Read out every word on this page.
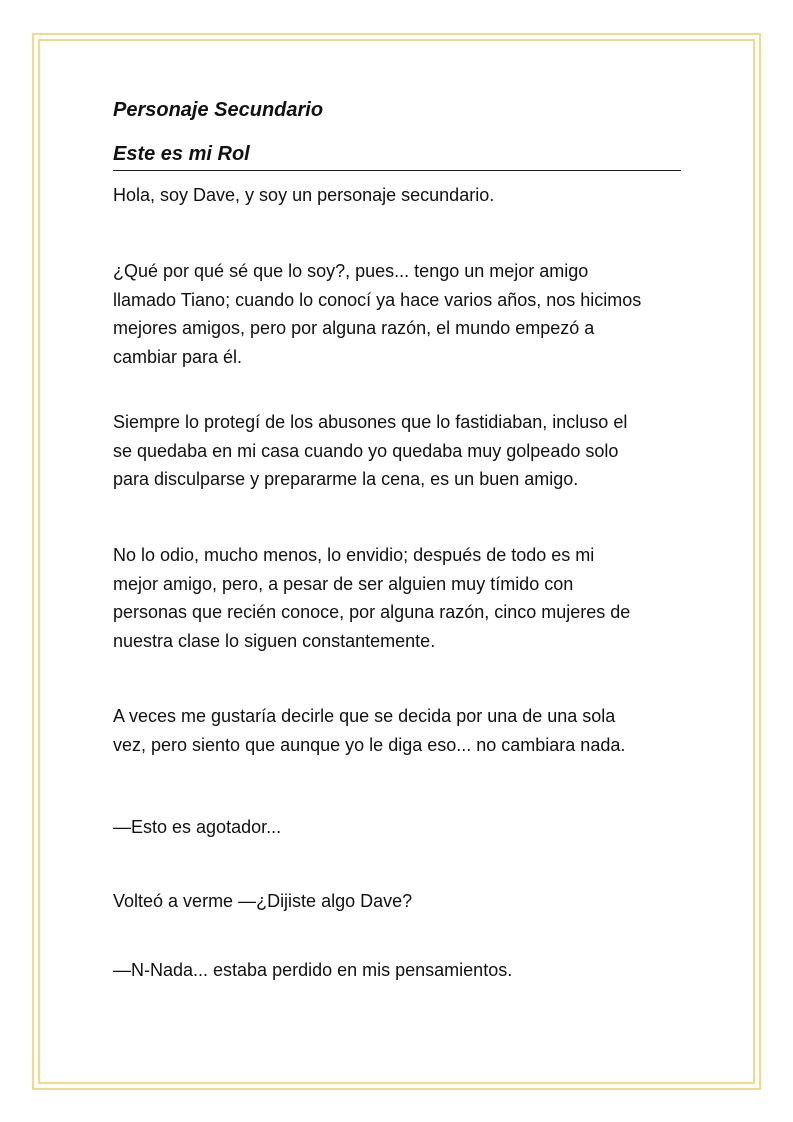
Personaje Secundario
Este es mi Rol

Hola, soy Dave, y soy un personaje secundario.

¿Qué por qué sé que lo soy?, pues... tengo un mejor amigo
llamado Tiano; cuando lo conocí ya hace varios años, nos hicimos
mejores amigos, pero por alguna razón, el mundo empezó a
cambiar para él.

Siempre lo protegí de los abusones que lo fastidiaban, incluso el
se quedaba en mi casa cuando yo quedaba muy golpeado solo
para disculparse y prepararme la cena, es un buen amigo.

No lo odio, mucho menos, lo envidio; después de todo es mi
mejor amigo, pero, a pesar de ser alguien muy tímido con
personas que recién conoce, por alguna razón, cinco mujeres de
nuestra clase lo siguen constantemente.

A veces me gustaría decirle que se decida por una de una sola
vez, pero siento que aunque yo le diga eso... no cambiara nada.

—Esto es agotador...

Volteó a verme —¿Dijiste algo Dave?

—N-Nada... estaba perdido en mis pensamientos.
